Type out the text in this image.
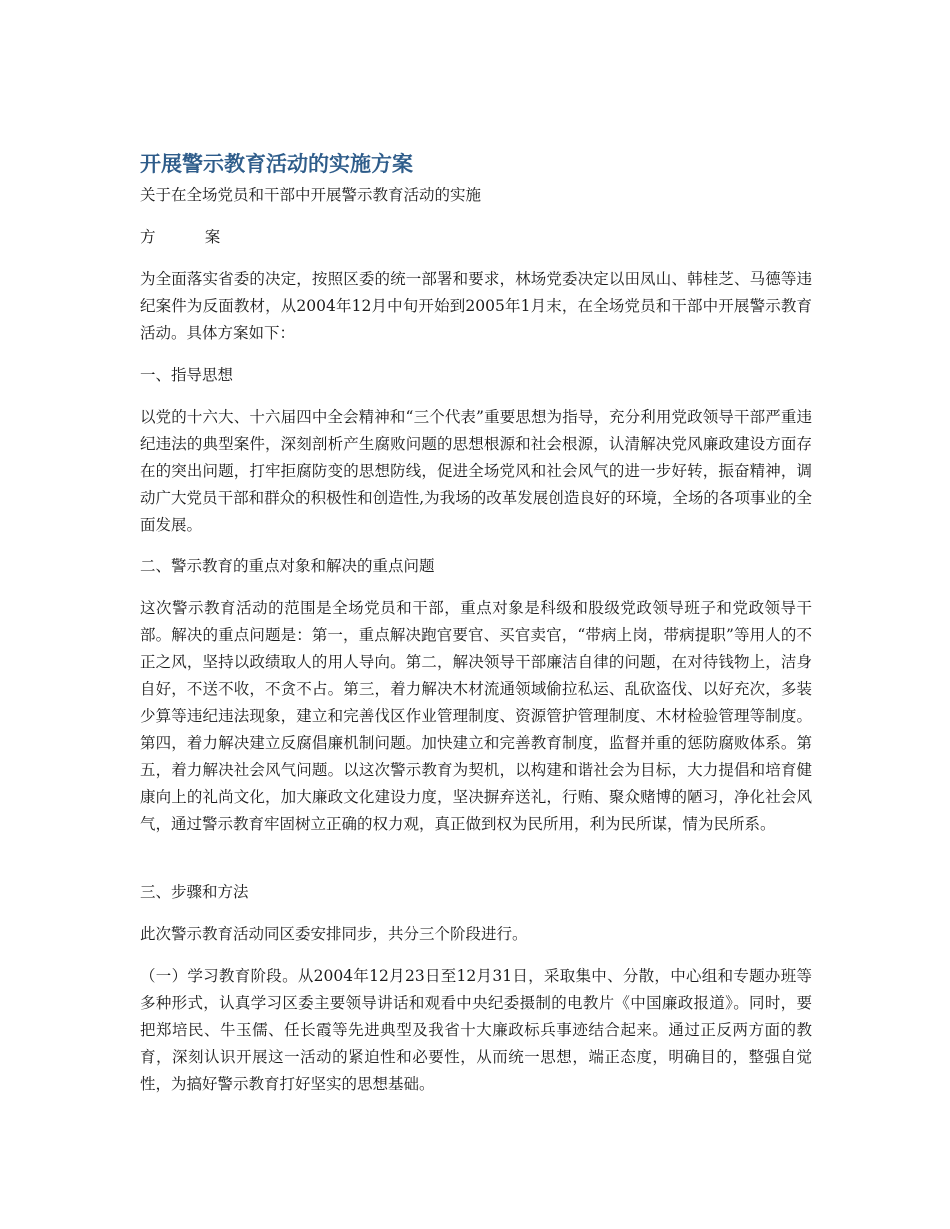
开展警示教育活动的实施方案

关于在全场党员和干部中开展警示教育活动的实施

方          案

为全面落实省委的决定，按照区委的统一部署和要求，林场党委决定以田凤山、韩桂芝、马德等违纪案件为反面教材，从2004年12月中旬开始到2005年1月末，在全场党员和干部中开展警示教育活动。具体方案如下：

一、指导思想

以党的十六大、十六届四中全会精神和“三个代表”重要思想为指导，充分利用党政领导干部严重违纪违法的典型案件，深刻剖析产生腐败问题的思想根源和社会根源，认清解决党风廉政建设方面存在的突出问题，打牢拒腐防变的思想防线，促进全场党风和社会风气的进一步好转，振奋精神，调动广大党员干部和群众的积极性和创造性,为我场的改革发展创造良好的环境，全场的各项事业的全面发展。

二、警示教育的重点对象和解决的重点问题

这次警示教育活动的范围是全场党员和干部，重点对象是科级和股级党政领导班子和党政领导干部。解决的重点问题是：第一，重点解决跑官要官、买官卖官，“带病上岗，带病提职”等用人的不正之风，坚持以政绩取人的用人导向。第二，解决领导干部廉洁自律的问题，在对待钱物上，洁身自好，不送不收，不贪不占。第三，着力解决木材流通领域偷拉私运、乱砍盗伐、以好充次，多装少算等违纪违法现象，建立和完善伐区作业管理制度、资源管护管理制度、木材检验管理等制度。第四，着力解决建立反腐倡廉机制问题。加快建立和完善教育制度，监督并重的惩防腐败体系。第五，着力解决社会风气问题。以这次警示教育为契机，以构建和谐社会为目标，大力提倡和培育健康向上的礼尚文化，加大廉政文化建设力度，坚决摒弃送礼，行贿、聚众赌博的陋习，净化社会风气，通过警示教育牢固树立正确的权力观，真正做到权为民所用，利为民所谋，情为民所系。

三、步骤和方法

此次警示教育活动同区委安排同步，共分三个阶段进行。

（一）学习教育阶段。从2004年12月23日至12月31日，采取集中、分散，中心组和专题办班等多种形式，认真学习区委主要领导讲话和观看中央纪委摄制的电教片《中国廉政报道》。同时，要把郑培民、牛玉儒、任长霞等先进典型及我省十大廉政标兵事迹结合起来。通过正反两方面的教育，深刻认识开展这一活动的紧迫性和必要性，从而统一思想，端正态度，明确目的，整强自觉性，为搞好警示教育打好坚实的思想基础。
